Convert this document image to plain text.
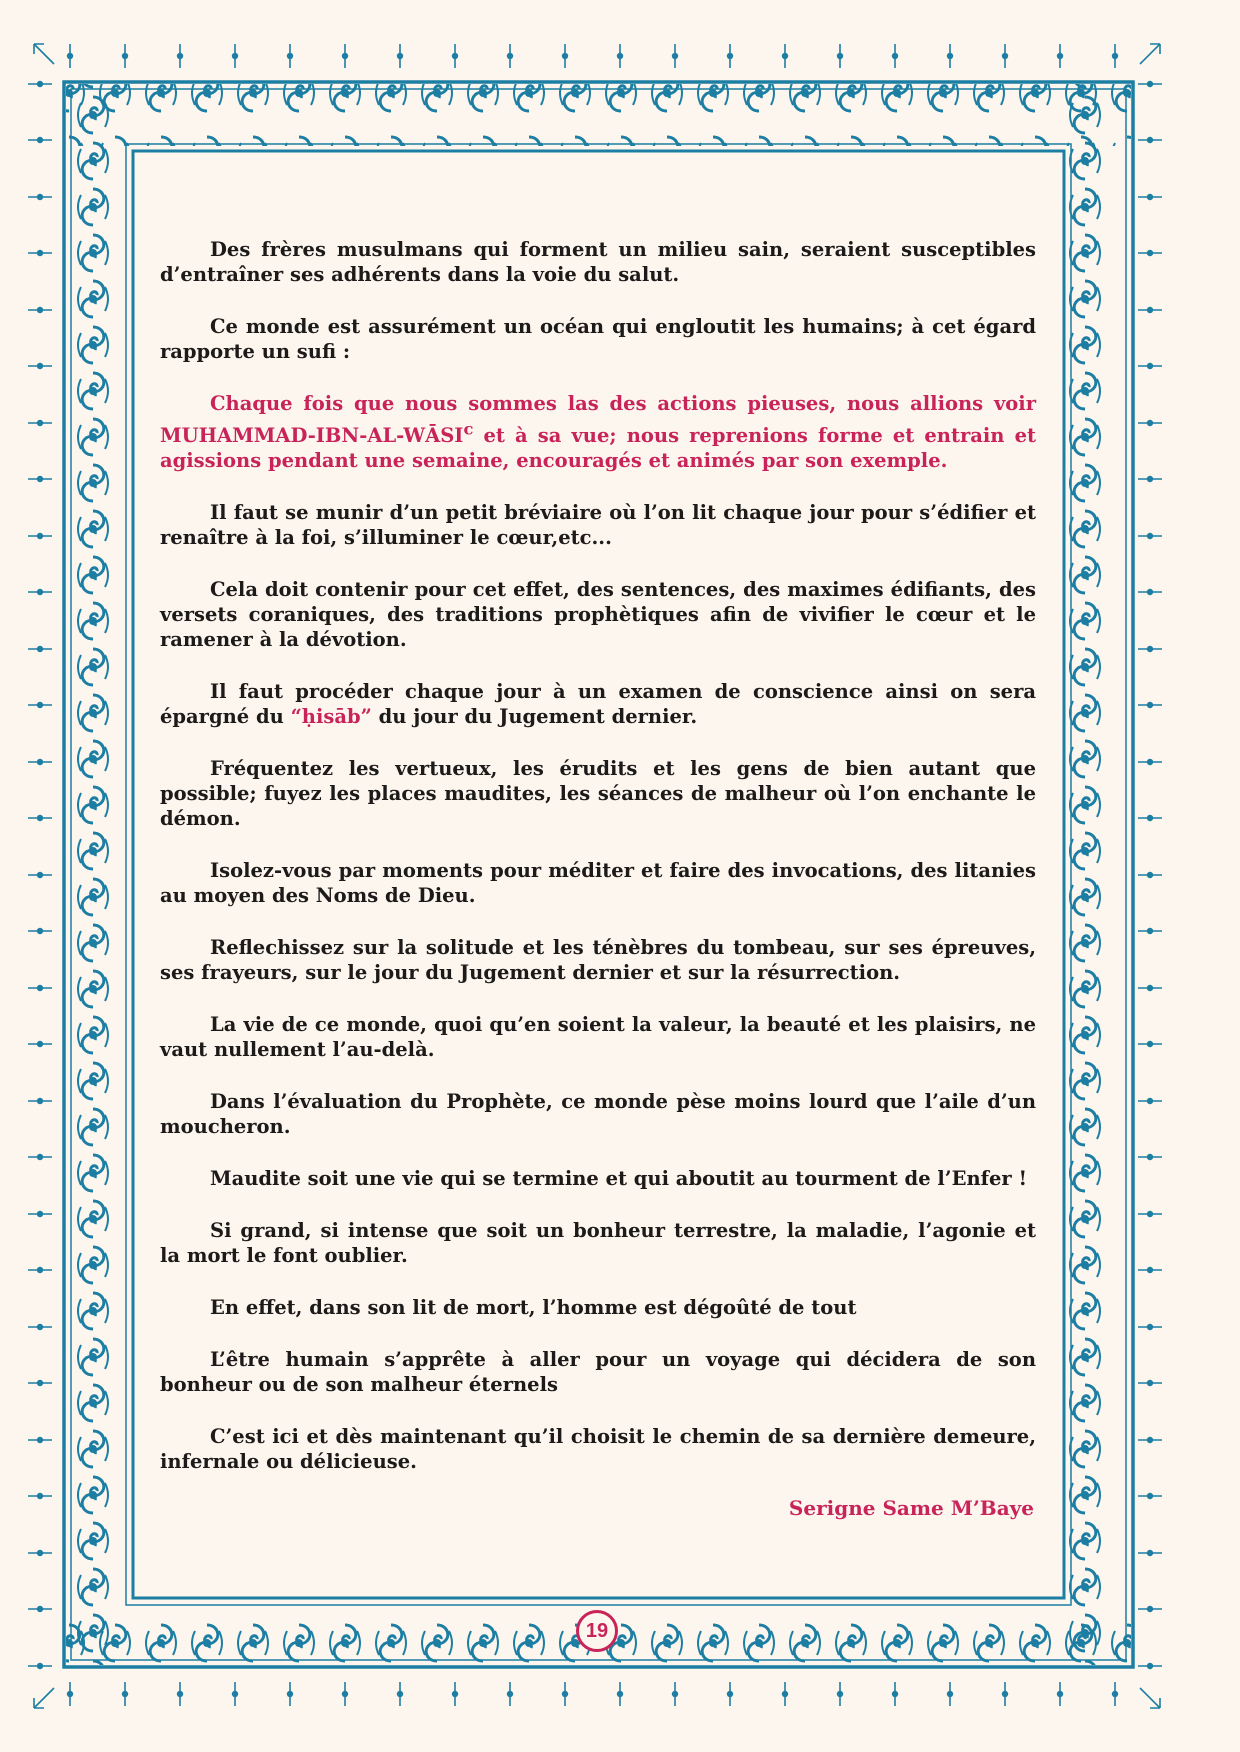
Des frères musulmans qui forment un milieu sain, seraient susceptibles d’entraîner ses adhérents dans la voie du salut.

Ce monde est assurément un océan qui engloutit les humains; à cet égard rapporte un sufi :

Chaque fois que nous sommes las des actions pieuses, nous allions voir MUHAMMAD-IBN-AL-WĀSI$^c$ et à sa vue; nous reprenions forme et entrain et agissions pendant une semaine, encouragés et animés par son exemple.

Il faut se munir d’un petit bréviaire où l’on lit chaque jour pour s’édifier et renaître à la foi, s’illuminer le cœur,etc...

Cela doit contenir pour cet effet, des sentences, des maximes édifiants, des versets coraniques, des traditions prophètiques afin de vivifier le cœur et le ramener à la dévotion.

Il faut procéder chaque jour à un examen de conscience ainsi on sera épargné du “ḥisāb” du jour du Jugement dernier.

Fréquentez les vertueux, les érudits et les gens de bien autant que possible; fuyez les places maudites, les séances de malheur où l’on enchante le démon.

Isolez-vous par moments pour méditer et faire des invocations, des litanies au moyen des Noms de Dieu.

Reflechissez sur la solitude et les ténèbres du tombeau, sur ses épreuves, ses frayeurs, sur le jour du Jugement dernier et sur la résurrection.

La vie de ce monde, quoi qu’en soient la valeur, la beauté et les plaisirs, ne vaut nullement l’au-delà.

Dans l’évaluation du Prophète, ce monde pèse moins lourd que l’aile d’un moucheron.

Maudite soit une vie qui se termine et qui aboutit au tourment de l’Enfer !

Si grand, si intense que soit un bonheur terrestre, la maladie, l’agonie et la mort le font oublier.

En effet, dans son lit de mort, l’homme est dégoûté de tout

L’être humain s’apprête à aller pour un voyage qui décidera de son bonheur ou de son malheur éternels

C’est ici et dès maintenant qu’il choisit le chemin de sa dernière demeure, infernale ou délicieuse.

Serigne Same M’Baye
19
